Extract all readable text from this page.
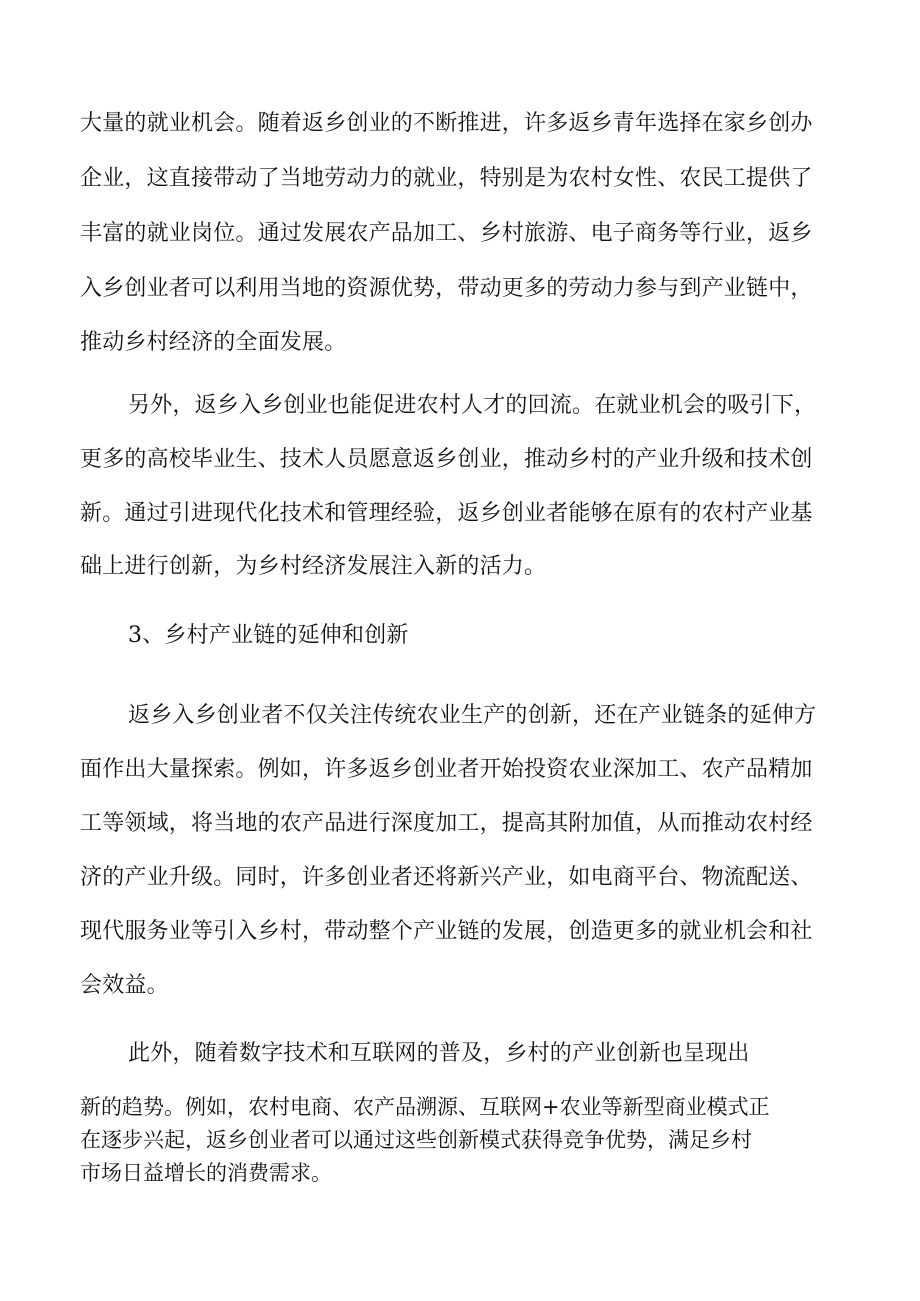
大量的就业机会。随着返乡创业的不断推进，许多返乡青年选择在家乡创办
企业，这直接带动了当地劳动力的就业，特别是为农村女性、农民工提供了
丰富的就业岗位。通过发展农产品加工、乡村旅游、电子商务等行业，返乡
入乡创业者可以利用当地的资源优势，带动更多的劳动力参与到产业链中，
推动乡村经济的全面发展。
另外，返乡入乡创业也能促进农村人才的回流。在就业机会的吸引下，
更多的高校毕业生、技术人员愿意返乡创业，推动乡村的产业升级和技术创
新。通过引进现代化技术和管理经验，返乡创业者能够在原有的农村产业基
础上进行创新，为乡村经济发展注入新的活力。
3、乡村产业链的延伸和创新
返乡入乡创业者不仅关注传统农业生产的创新，还在产业链条的延伸方
面作出大量探索。例如，许多返乡创业者开始投资农业深加工、农产品精加
工等领域，将当地的农产品进行深度加工，提高其附加值，从而推动农村经
济的产业升级。同时，许多创业者还将新兴产业，如电商平台、物流配送、
现代服务业等引入乡村，带动整个产业链的发展，创造更多的就业机会和社
会效益。
此外，随着数字技术和互联网的普及，乡村的产业创新也呈现出
新的趋势。例如，农村电商、农产品溯源、互联网+农业等新型商业模式正
在逐步兴起，返乡创业者可以通过这些创新模式获得竞争优势，满足乡村
市场日益增长的消费需求。
